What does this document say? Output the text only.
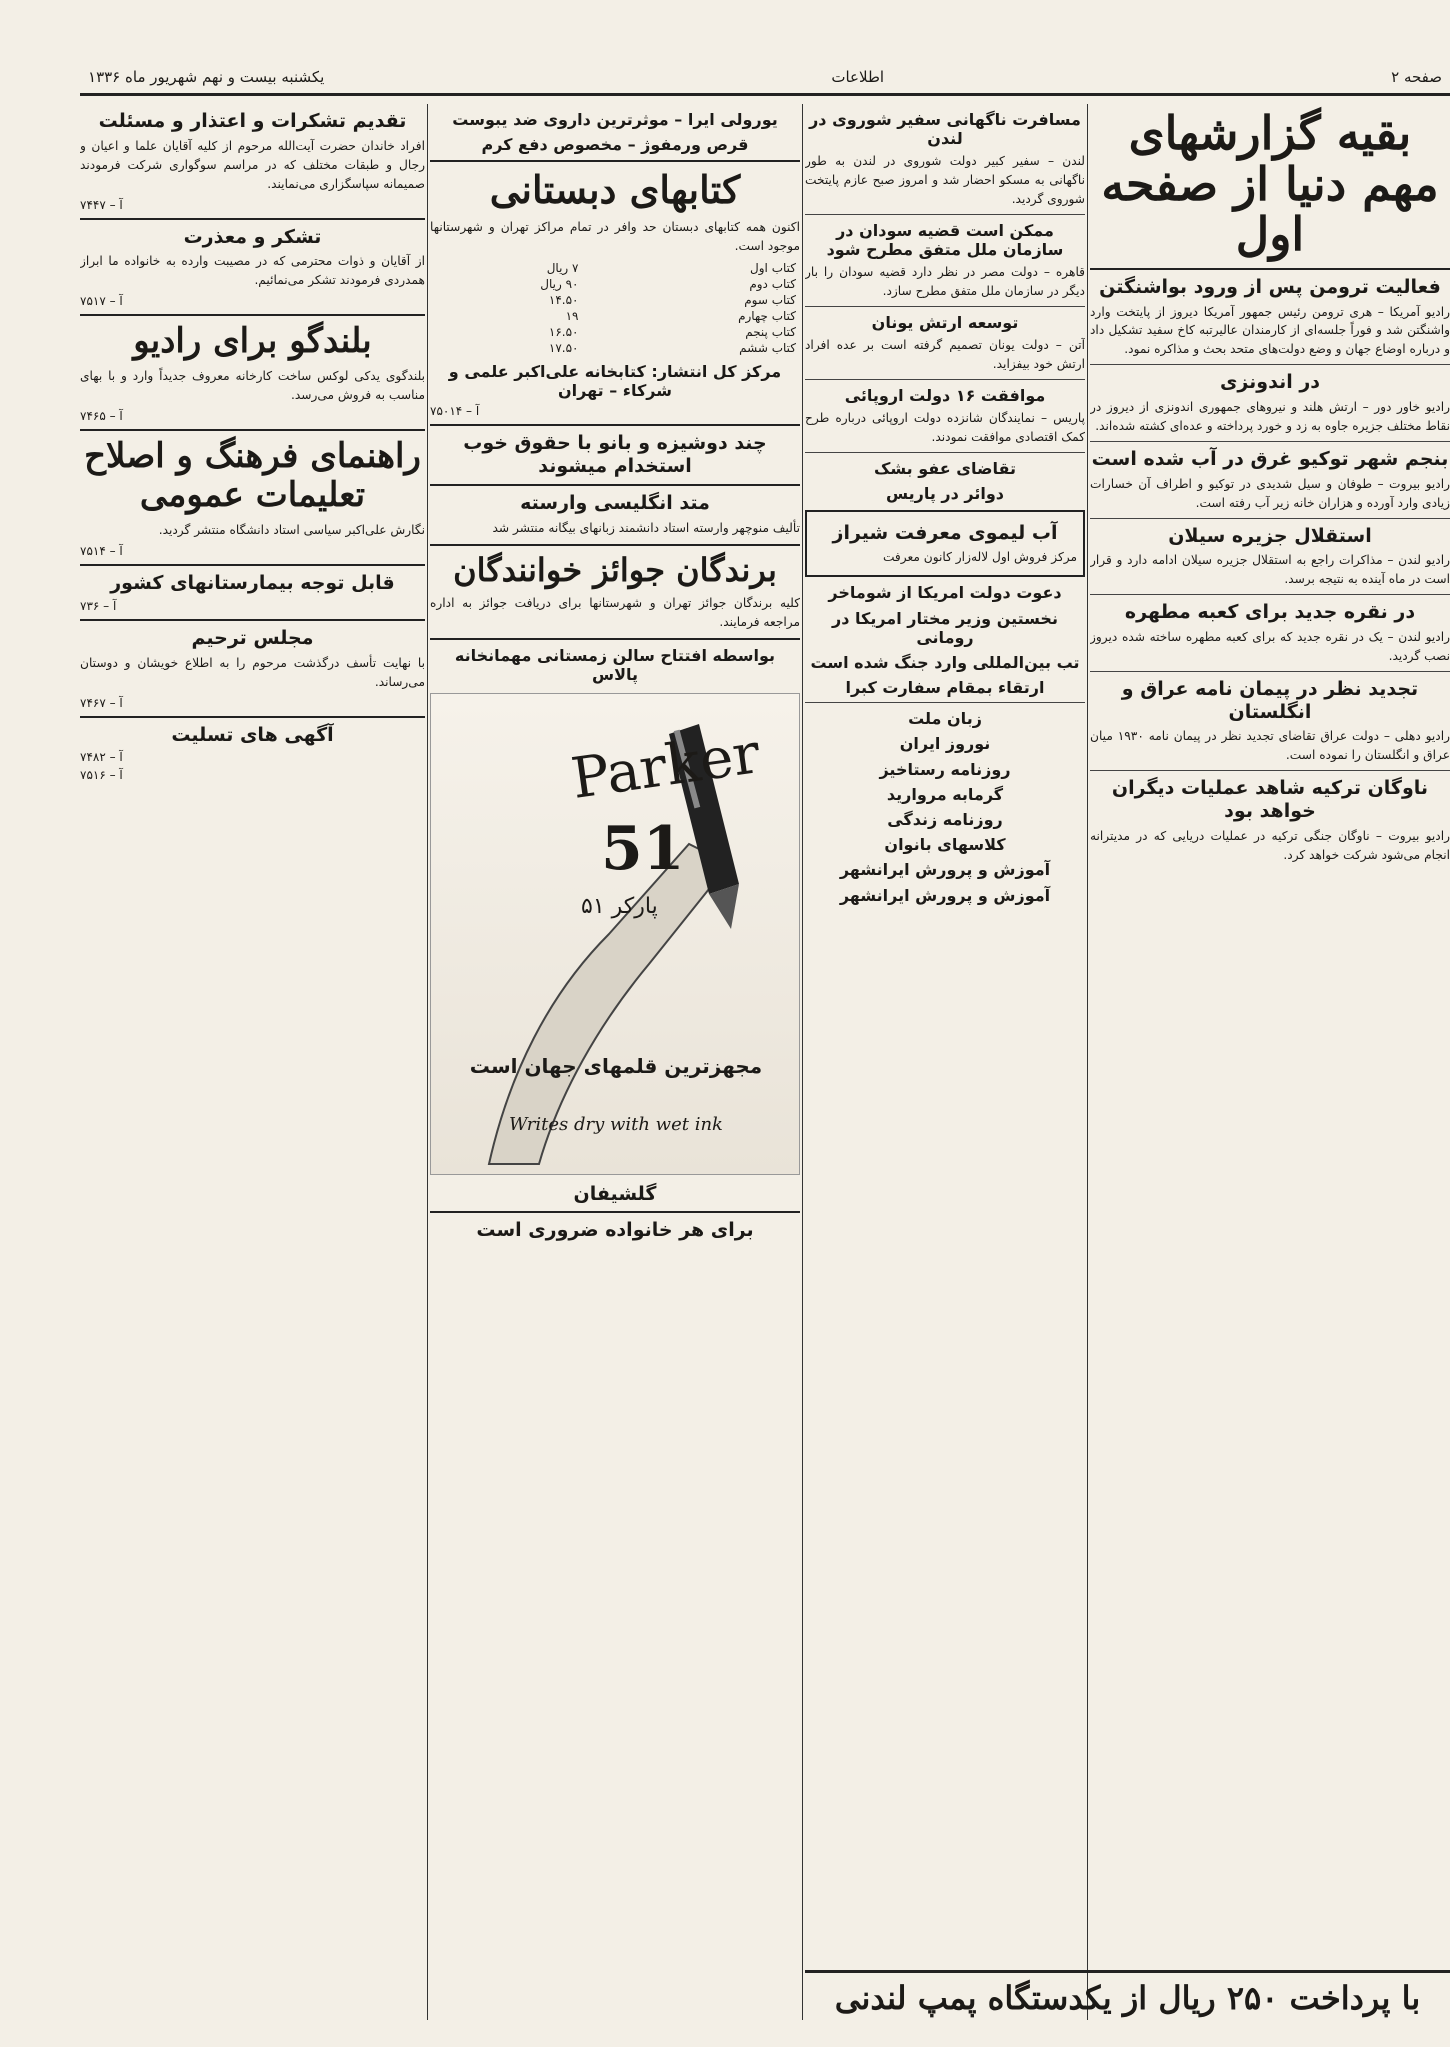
صفحه ۲
اطلاعات
یکشنبه بیست و نهم شهریور ماه ۱۳۳۶
بقیه گزارشهای مهم دنیا از صفحه اول
فعالیت ترومن پس از ورود بواشنگتن

رادیو آمریکا – هری ترومن رئیس جمهور آمریکا دیروز از پایتخت وارد واشنگتن شد و فوراً جلسه‌ای از کارمندان عالیرتبه کاخ سفید تشکیل داد و درباره اوضاع جهان و وضع دولت‌های متحد بحث و مذاکره نمود.

در اندونزی

رادیو خاور دور – ارتش هلند و نیروهای جمهوری اندونزی از دیروز در نقاط مختلف جزیره جاوه به زد و خورد پرداخته و عده‌ای کشته شده‌اند.

بنجم شهر توکیو غرق در آب شده است

رادیو بیروت – طوفان و سیل شدیدی در توکیو و اطراف آن خسارات زیادی وارد آورده و هزاران خانه زیر آب رفته است.

استقلال جزیره سیلان

رادیو لندن – مذاکرات راجع به استقلال جزیره سیلان ادامه دارد و قرار است در ماه آینده به نتیجه برسد.

در نقره جدید برای کعبه مطهره

رادیو لندن – یک در نقره جدید که برای کعبه مطهره ساخته شده دیروز نصب گردید.

تجدید نظر در پیمان نامه عراق و انگلستان

رادیو دهلی – دولت عراق تقاضای تجدید نظر در پیمان نامه ۱۹۳۰ میان عراق و انگلستان را نموده است.

ناوگان ترکیه شاهد عملیات دیگران خواهد بود

رادیو بیروت – ناوگان جنگی ترکیه در عملیات دریایی که در مدیترانه انجام می‌شود شرکت خواهد کرد.

مسافرت ناگهانی سفیر شوروی در لندن

لندن – سفیر کبیر دولت شوروی در لندن به طور ناگهانی به مسکو احضار شد و امروز صبح عازم پایتخت شوروی گردید.

ممکن است قضیه سودان در سازمان ملل متفق مطرح شود

قاهره – دولت مصر در نظر دارد قضیه سودان را بار دیگر در سازمان ملل متفق مطرح سازد.

توسعه ارتش یونان

آتن – دولت یونان تصمیم گرفته است بر عده افراد ارتش خود بیفزاید.

موافقت ۱۶ دولت اروپائی

پاریس – نمایندگان شانزده دولت اروپائی درباره طرح کمک اقتصادی موافقت نمودند.

تقاضای عفو بشک
دوائر در پاریس
آب لیموی معرفت شیراز

مرکز فروش اول لاله‌زار کانون معرفت

دعوت دولت امریکا از شوماخر
نخستین وزیر مختار امریکا در رومانی
تب بین‌المللی وارد جنگ شده است
ارتقاء بمقام سفارت کبرا
زبان ملت
نوروز ایران
روزنامه رستاخیز
گرمابه مروارید
روزنامه زندگی
کلاسهای بانوان
آموزش و پرورش ایرانشهر
آموزش و پرورش ایرانشهر
یورولی ایرا – موثرترین داروی ضد یبوست
قرص ورمفوژ – مخصوص دفع کرم
کتابهای دبستانی

اکنون همه کتابهای دبستان حد وافر در تمام مراکز تهران و شهرستانها موجود است.

کتاب اول	۷ ریال
کتاب دوم	۹۰ ریال
کتاب سوم	۱۴.۵۰
کتاب چهارم	۱۹
کتاب پنجم	۱۶.۵۰
کتاب ششم	۱۷.۵۰
مرکز کل انتشار: کتابخانه علی‌اکبر علمی و شرکاء – تهران
آ – ۷۵۰۱۴
چند دوشیزه و بانو با حقوق خوب استخدام میشوند
متد انگلیسی وارسته

تألیف منوچهر وارسته استاد دانشمند زبانهای بیگانه منتشر شد

برندگان جوائز خوانندگان

کلیه برندگان جوائز تهران و شهرستانها برای دریافت جوائز به اداره مراجعه فرمایند.

بواسطه افتتاح سالن زمستانی مهمانخانه پالاس
Parker
51
پارکر ۵۱
مجهزترین قلمهای جهان است
Writes dry with wet ink
گلشیفان
برای هر خانواده ضروری است
تقدیم تشکرات و اعتذار و مسئلت

افراد خاندان حضرت آیت‌الله مرحوم از کلیه آقایان علما و اعیان و رجال و طبقات مختلف که در مراسم سوگواری شرکت فرمودند صمیمانه سپاسگزاری می‌نمایند.

آ – ۷۴۴۷
تشکر و معذرت

از آقایان و ذوات محترمی که در مصیبت وارده به خانواده ما ابراز همدردی فرمودند تشکر می‌نمائیم.

آ – ۷۵۱۷
بلندگو برای رادیو

بلندگوی یدکی لوکس ساخت کارخانه معروف جدیداً وارد و با بهای مناسب به فروش می‌رسد.

آ – ۷۴۶۵
راهنمای فرهنگ و اصلاح تعلیمات عمومی

نگارش علی‌اکبر سیاسی استاد دانشگاه منتشر گردید.

آ – ۷۵۱۴
قابل توجه بیمارستانهای کشور
آ – ۷۳۶
مجلس ترحیم

با نهایت تأسف درگذشت مرحوم را به اطلاع خویشان و دوستان می‌رساند.

آ – ۷۴۶۷
آگهی های تسلیت
آ – ۷۴۸۲
آ – ۷۵۱۶
با پرداخت ۲۵۰ ریال از یکدستگاه پمپ لندنی
